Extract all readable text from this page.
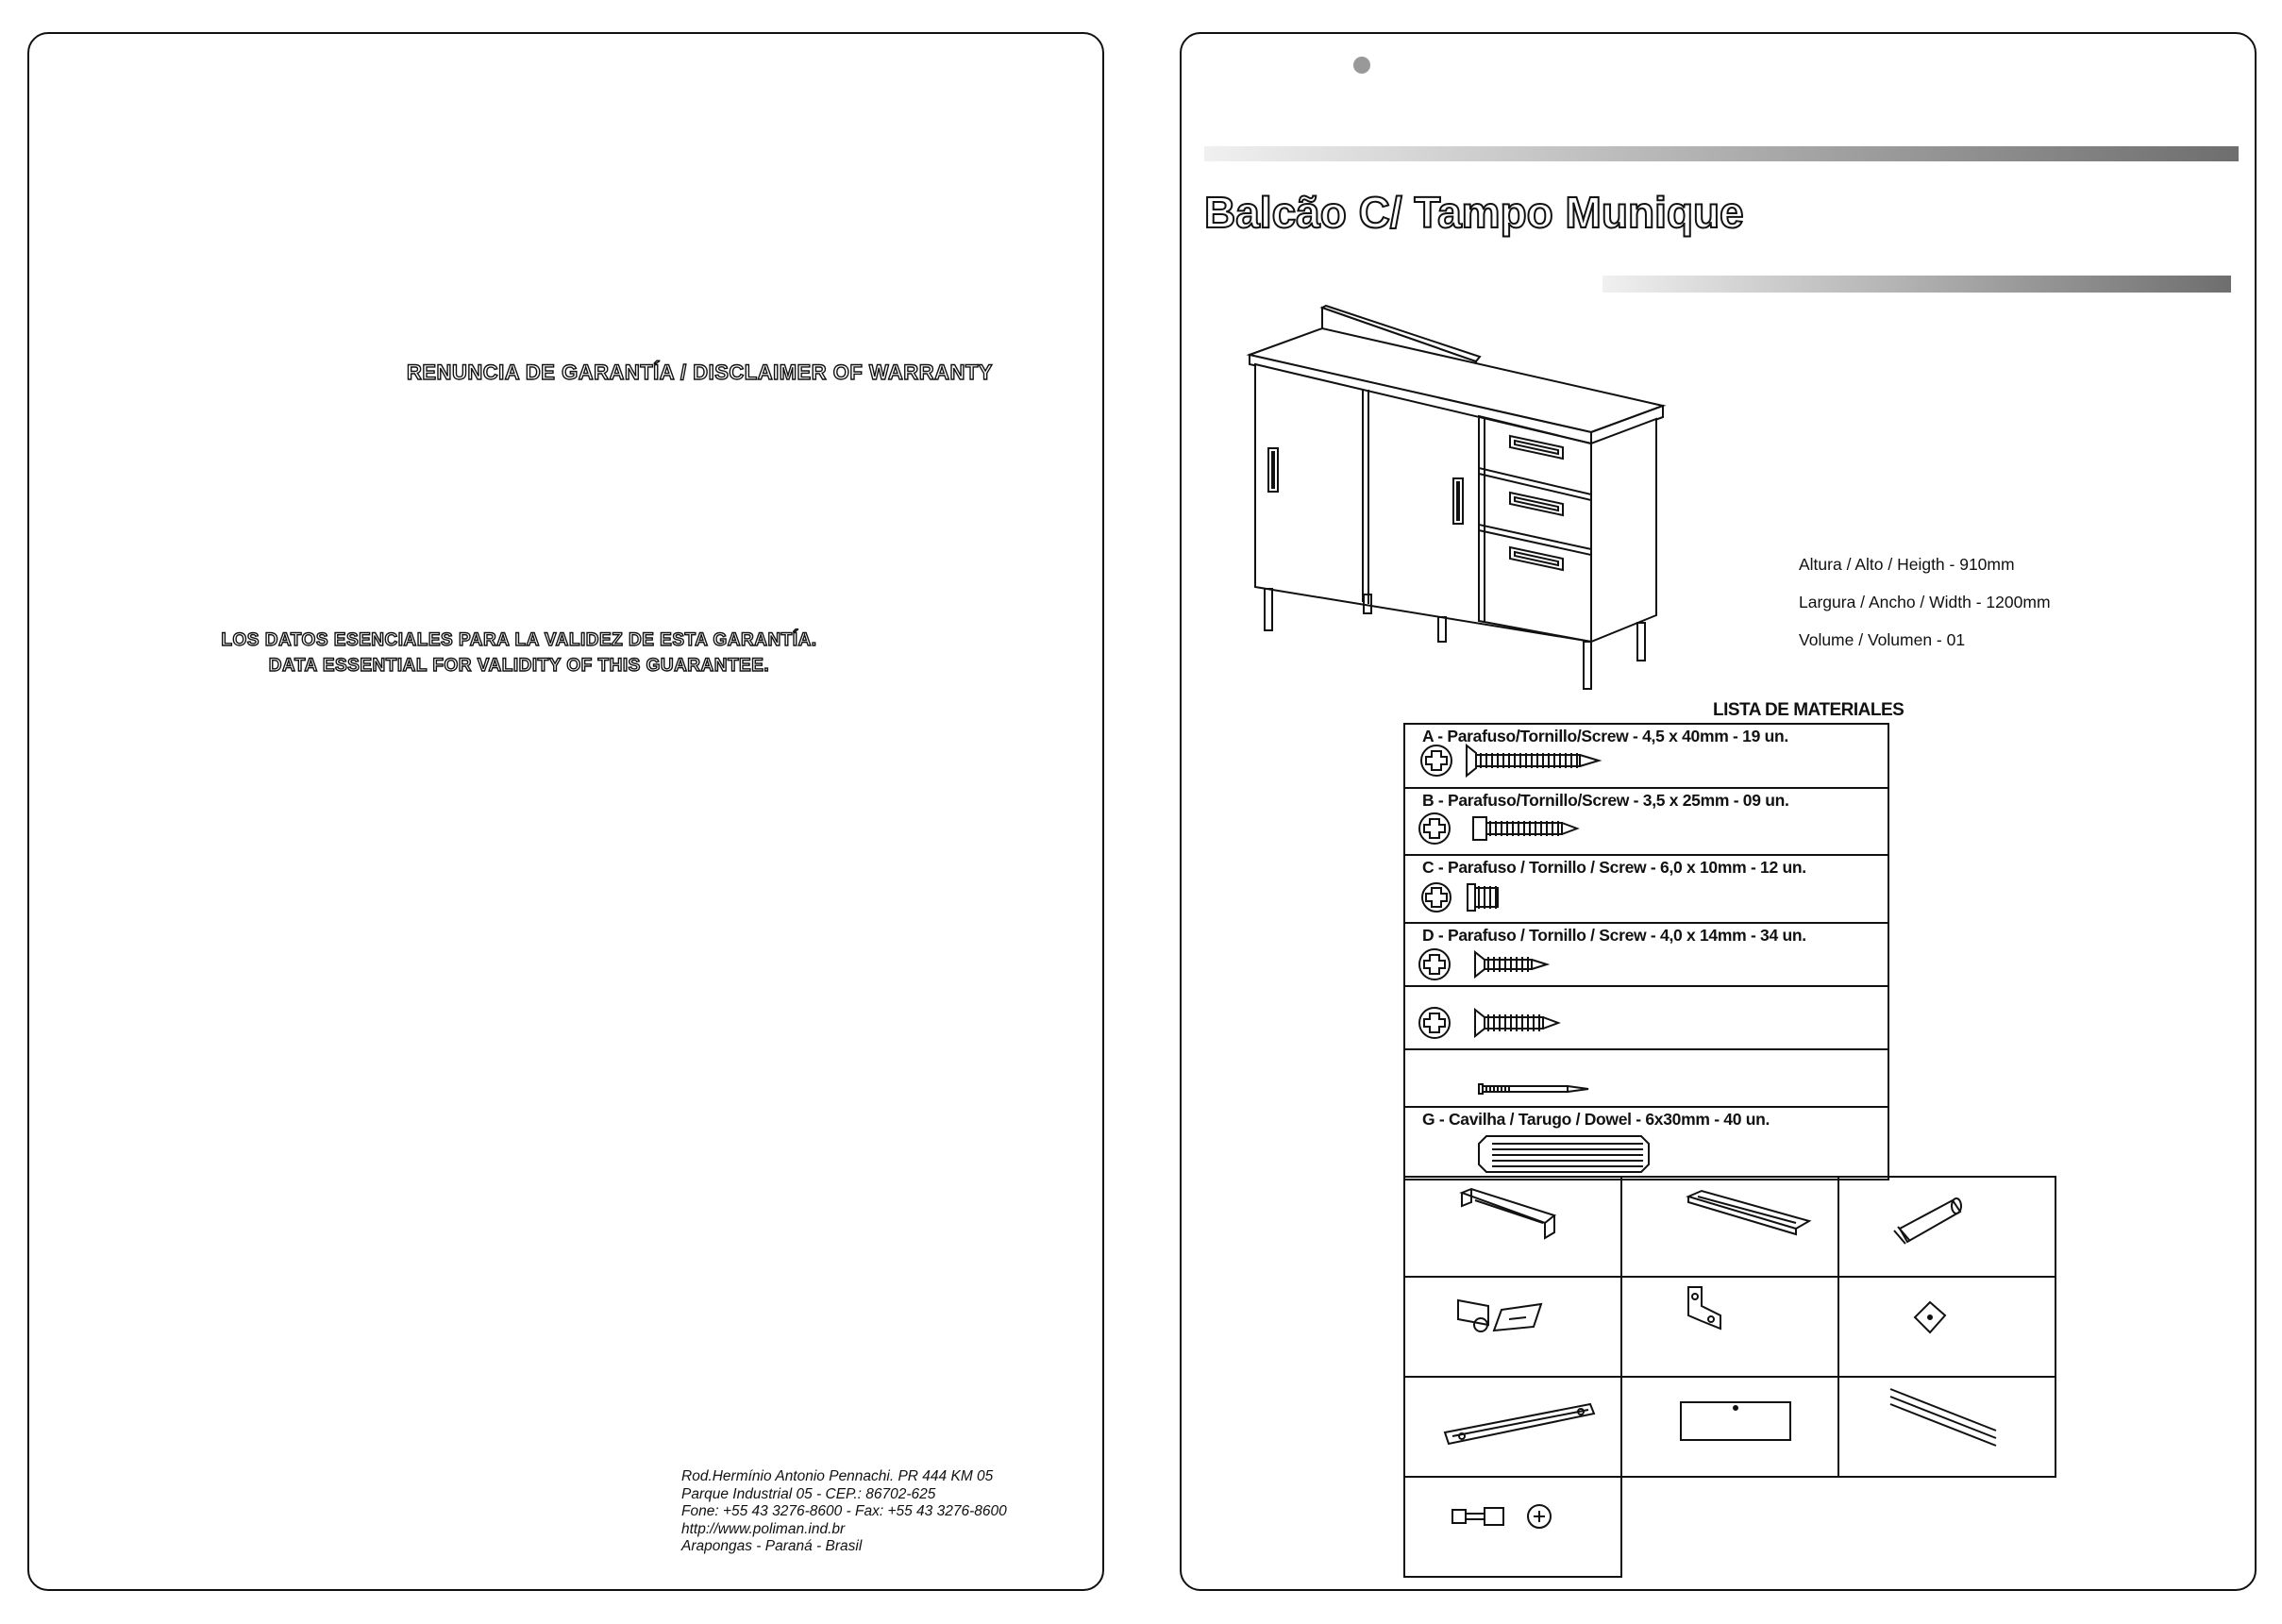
RENUNCIA DE GARANTÍA / DISCLAIMER OF WARRANTY
LOS DATOS ESENCIALES PARA LA VALIDEZ DE ESTA GARANTÍA.
DATA ESSENTIAL FOR VALIDITY OF THIS GUARANTEE.
Rod.Hermínio Antonio Pennachi. PR 444 KM 05
Parque Industrial 05 - CEP.: 86702-625
Fone: +55 43 3276-8600 - Fax: +55 43 3276-8600
http://www.poliman.ind.br
Arapongas - Paraná - Brasil
Balcão C/ Tampo Munique
Altura / Alto / Heigth - 910mm
Largura / Ancho / Width - 1200mm
Volume / Volumen - 01
LISTA DE MATERIALES
A - Parafuso/Tornillo/Screw - 4,5 x 40mm - 19 un.
B - Parafuso/Tornillo/Screw - 3,5 x 25mm - 09 un.
C - Parafuso / Tornillo / Screw - 6,0 x 10mm - 12 un.
D - Parafuso / Tornillo / Screw - 4,0 x 14mm - 34 un.
G - Cavilha / Tarugo / Dowel - 6x30mm - 40 un.
